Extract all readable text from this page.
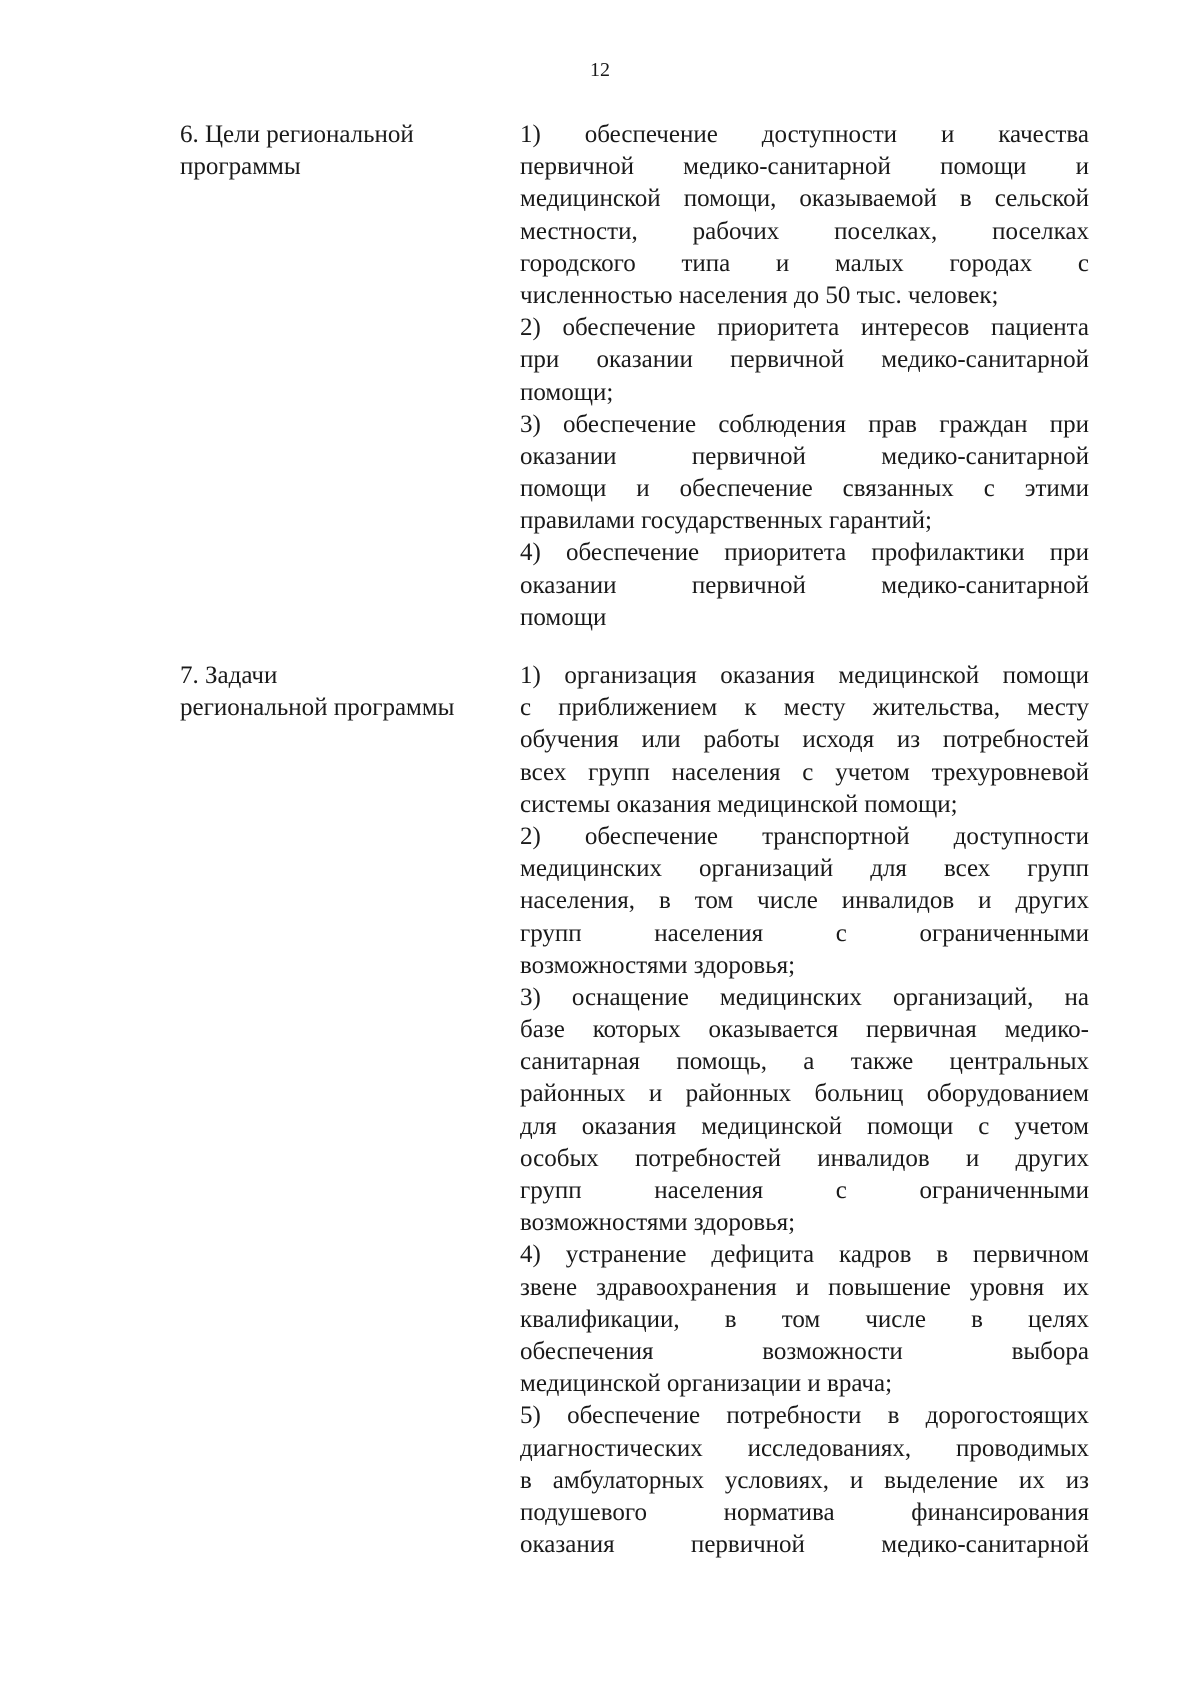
12
6. Цели региональной
программы
1) обеспечение доступности и качества
первичной медико-санитарной помощи и
медицинской помощи, оказываемой в сельской
местности, рабочих поселках, поселках
городского типа и малых городах с
численностью населения до 50 тыс. человек;
2) обеспечение приоритета интересов пациента
при оказании первичной медико-санитарной
помощи;
3) обеспечение соблюдения прав граждан при
оказании первичной медико-санитарной
помощи и обеспечение связанных с этими
правилами государственных гарантий;
4) обеспечение приоритета профилактики при
оказании первичной медико-санитарной
помощи
7. Задачи
региональной программы
1) организация оказания медицинской помощи
с приближением к месту жительства, месту
обучения или работы исходя из потребностей
всех групп населения с учетом трехуровневой
системы оказания медицинской помощи;
2) обеспечение транспортной доступности
медицинских организаций для всех групп
населения, в том числе инвалидов и других
групп населения с ограниченными
возможностями здоровья;
3) оснащение медицинских организаций, на
базе которых оказывается первичная медико-
санитарная помощь, а также центральных
районных и районных больниц оборудованием
для оказания медицинской помощи с учетом
особых потребностей инвалидов и других
групп населения с ограниченными
возможностями здоровья;
4) устранение дефицита кадров в первичном
звене здравоохранения и повышение уровня их
квалификации, в том числе в целях
обеспечения возможности выбора
медицинской организации и врача;
5) обеспечение потребности в дорогостоящих
диагностических исследованиях, проводимых
в амбулаторных условиях, и выделение их из
подушевого норматива финансирования
оказания первичной медико-санитарной
